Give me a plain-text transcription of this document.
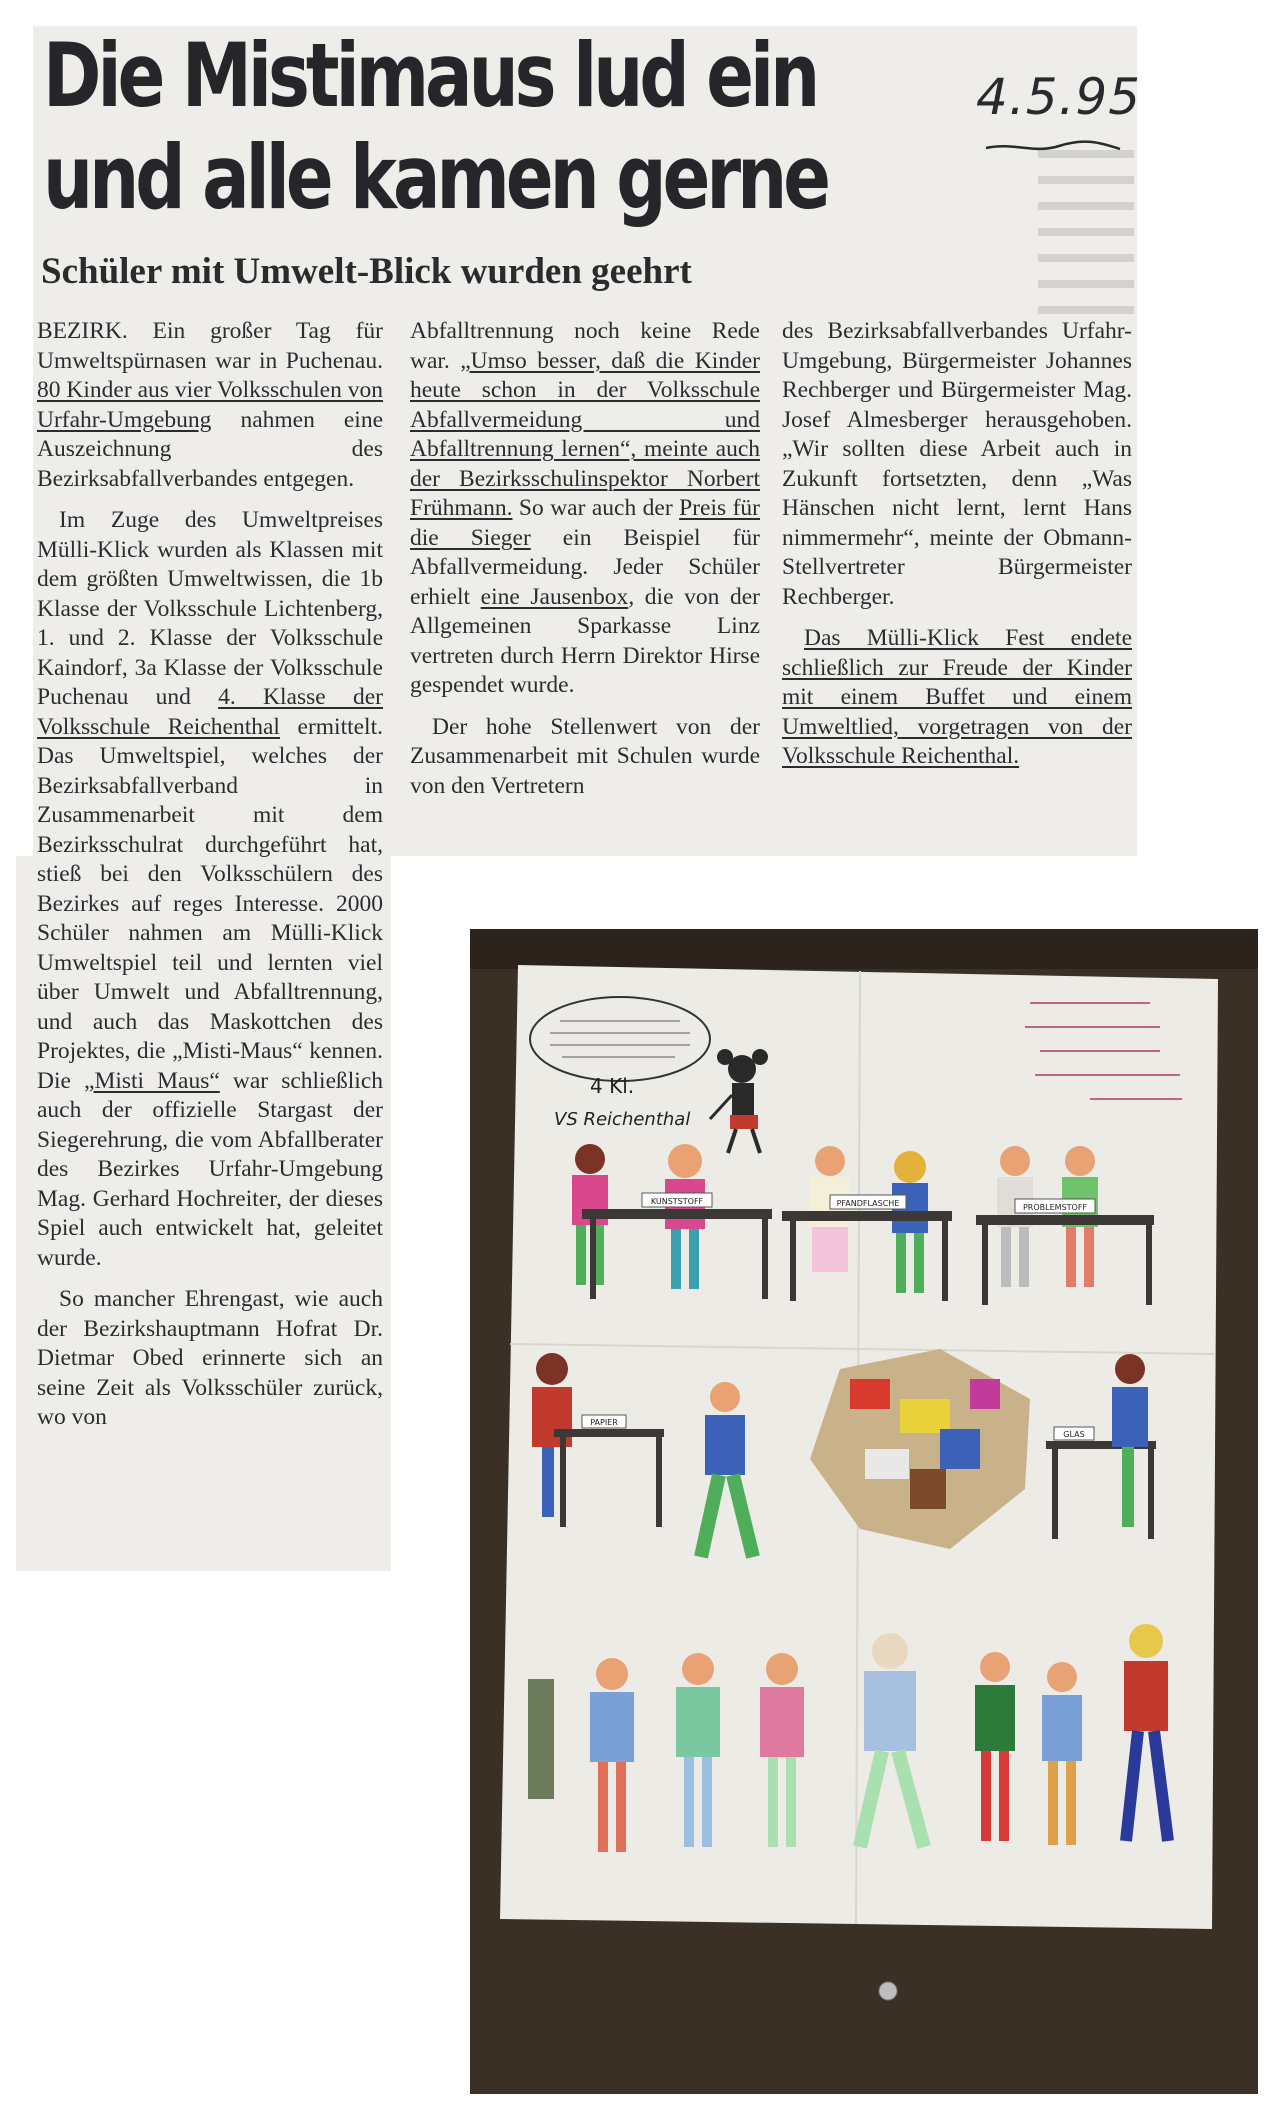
Die Mistimaus lud ein
und alle kamen gerne
4.5.95
Schüler mit Umwelt-Blick wurden geehrt

BEZIRK. Ein großer Tag für Umweltspürnasen war in Puchenau. 80 Kinder aus vier Volksschulen von Urfahr-Umgebung nahmen eine Auszeichnung des Bezirksabfallverbandes entgegen.

Im Zuge des Umweltpreises Mülli-Klick wurden als Klassen mit dem größten Umweltwissen, die 1b Klasse der Volksschule Lichtenberg, 1. und 2. Klasse der Volksschule Kaindorf, 3a Klasse der Volksschule Puchenau und 4. Klasse der Volksschule Reichenthal ermittelt. Das Umweltspiel, welches der Bezirksabfallverband in Zusammenarbeit mit dem Bezirksschulrat durchgeführt hat, stieß bei den Volksschülern des Bezirkes auf reges Interesse. 2000 Schüler nahmen am Mülli-Klick Umweltspiel teil und lernten viel über Umwelt und Abfalltrennung, und auch das Maskottchen des Projektes, die „Misti-Maus“ kennen. Die „Misti Maus“ war schließlich auch der offizielle Stargast der Siegerehrung, die vom Abfallberater des Bezirkes Urfahr-Umgebung Mag. Gerhard Hochreiter, der dieses Spiel auch entwickelt hat, geleitet wurde.

So mancher Ehrengast, wie auch der Bezirkshauptmann Hofrat Dr. Dietmar Obed erinnerte sich an seine Zeit als Volksschüler zurück, wo von

Abfalltrennung noch keine Rede war. „Umso besser, daß die Kinder heute schon in der Volksschule Abfallvermeidung und Abfalltrennung lernen“, meinte auch der Bezirksschulinspektor Norbert Frühmann. So war auch der Preis für die Sieger ein Beispiel für Abfallvermeidung. Jeder Schüler erhielt eine Jausenbox, die von der Allgemeinen Sparkasse Linz vertreten durch Herrn Direktor Hirse gespendet wurde.

Der hohe Stellenwert von der Zusammenarbeit mit Schulen wurde von den Vertretern

des Bezirksabfallverbandes Urfahr-Umgebung, Bürgermeister Johannes Rechberger und Bürgermeister Mag. Josef Almesberger herausgehoben. „Wir sollten diese Arbeit auch in Zukunft fortsetzten, denn „Was Hänschen nicht lernt, lernt Hans nimmermehr“, meinte der Obmann-Stellvertreter Bürgermeister Rechberger.

Das Mülli-Klick Fest endete schließlich zur Freude der Kinder mit einem Buffet und einem Umweltlied, vorgetragen von der Volksschule Reichenthal.

4 Kl.
VS Reichenthal
KUNSTSTOFF	PFANDFLASCHE	PROBLEMSTOFF
PAPIER
GLAS
